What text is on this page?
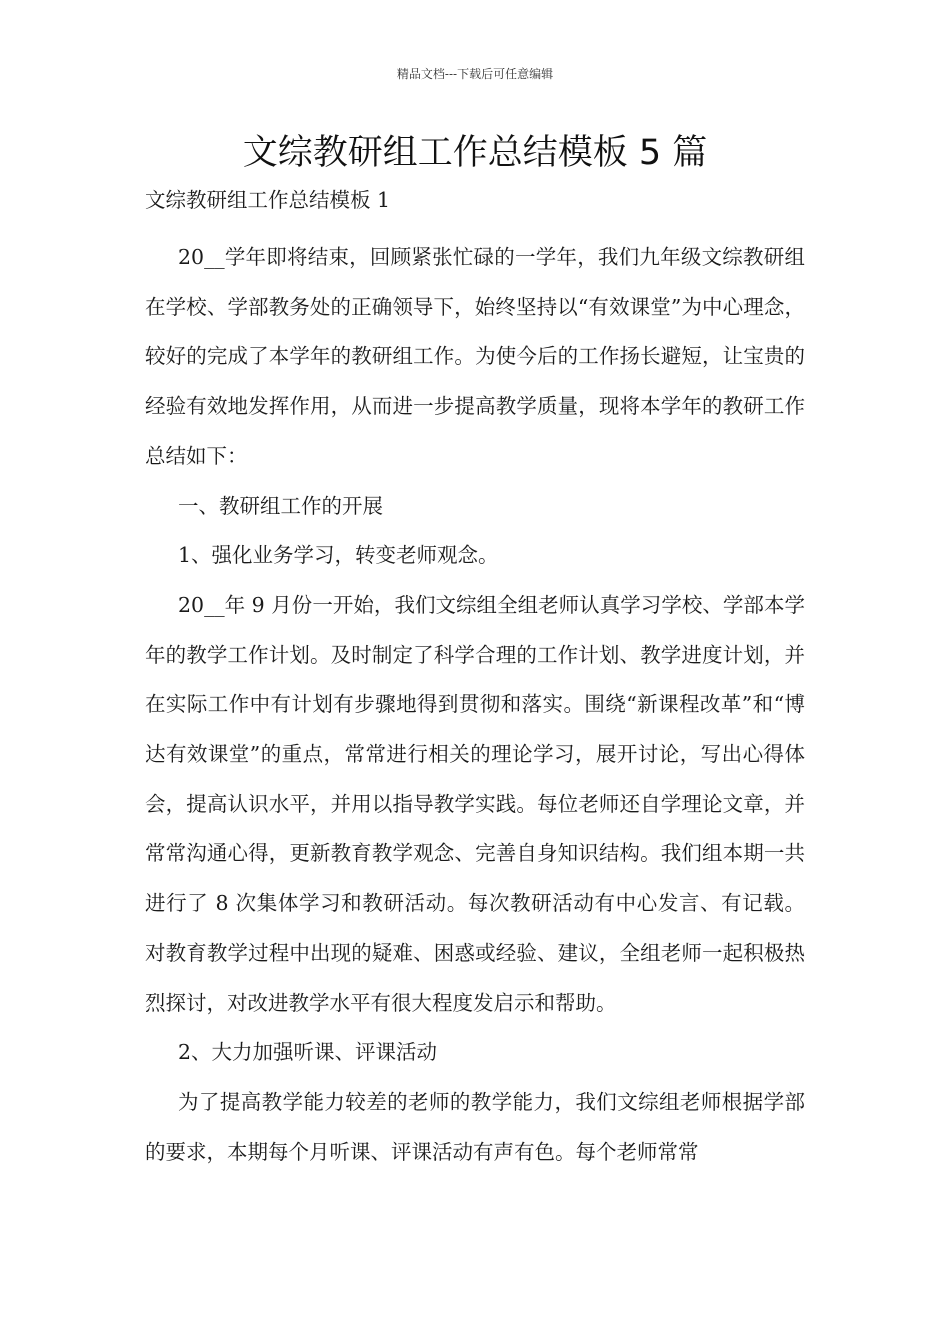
精品文档---下载后可任意编辑
文综教研组工作总结模板 5 篇

文综教研组工作总结模板 1

20__学年即将结束，回顾紧张忙碌的一学年，我们九年级文综教研组在学校、学部教务处的正确领导下，始终坚持以“有效课堂”为中心理念，较好的完成了本学年的教研组工作。为使今后的工作扬长避短，让宝贵的经验有效地发挥作用，从而进一步提高教学质量，现将本学年的教研工作总结如下：

一、教研组工作的开展

1、强化业务学习，转变老师观念。

20__年 9 月份一开始，我们文综组全组老师认真学习学校、学部本学年的教学工作计划。及时制定了科学合理的工作计划、教学进度计划，并在实际工作中有计划有步骤地得到贯彻和落实。围绕“新课程改革”和“博达有效课堂”的重点，常常进行相关的理论学习，展开讨论，写出心得体会，提高认识水平，并用以指导教学实践。每位老师还自学理论文章，并常常沟通心得，更新教育教学观念、完善自身知识结构。我们组本期一共进行了 8 次集体学习和教研活动。每次教研活动有中心发言、有记载。对教育教学过程中出现的疑难、困惑或经验、建议，全组老师一起积极热烈探讨，对改进教学水平有很大程度发启示和帮助。

2、大力加强听课、评课活动

为了提高教学能力较差的老师的教学能力，我们文综组老师根据学部的要求，本期每个月听课、评课活动有声有色。每个老师常常
